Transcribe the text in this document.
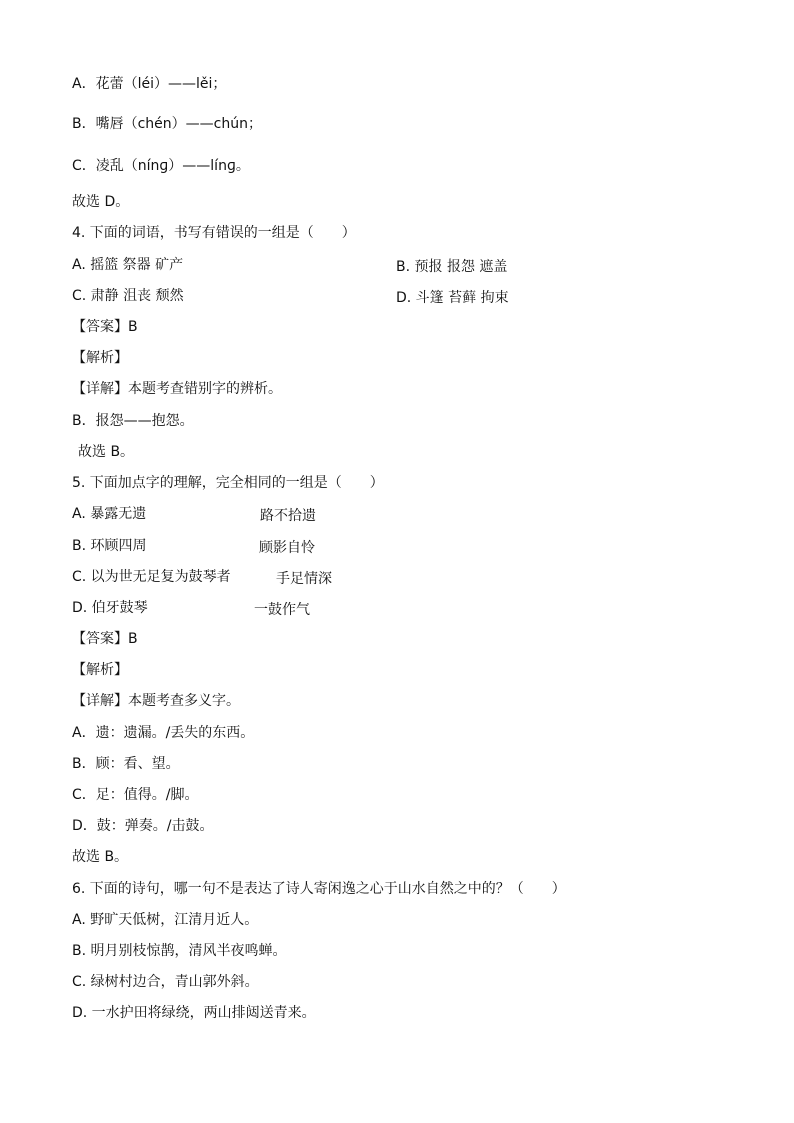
A．花蕾（léi）——lěi；
B．嘴唇（chén）——chún；
C．凌乱（nínɡ）——línɡ。
故选 D。
4. 下面的词语，书写有错误的一组是（　　）
A. 摇篮 祭器 矿产	B. 预报 报怨 遮盖
C. 肃静 沮丧 颓然	D. 斗篷 苔藓 拘束
【答案】B
【解析】
【详解】本题考查错别字的辨析。
B．报怨——抱怨。
故选 B。
5. 下面加点字的理解，完全相同的一组是（　　）
A. 暴露无遗	路不拾遗
B. 环顾四周	顾影自怜
C. 以为世无足复为鼓琴者	手足情深
D. 伯牙鼓琴	一鼓作气
【答案】B
【解析】
【详解】本题考查多义字。
A．遗：遗漏。/丢失的东西。
B．顾：看、望。
C．足：值得。/脚。
D．鼓：弹奏。/击鼓。
故选 B。
6. 下面的诗句，哪一句不是表达了诗人寄闲逸之心于山水自然之中的？（　　）
A. 野旷天低树，江清月近人。
B. 明月别枝惊鹊，清风半夜鸣蝉。
C. 绿树村边合，青山郭外斜。
D. 一水护田将绿绕，两山排闼送青来。
